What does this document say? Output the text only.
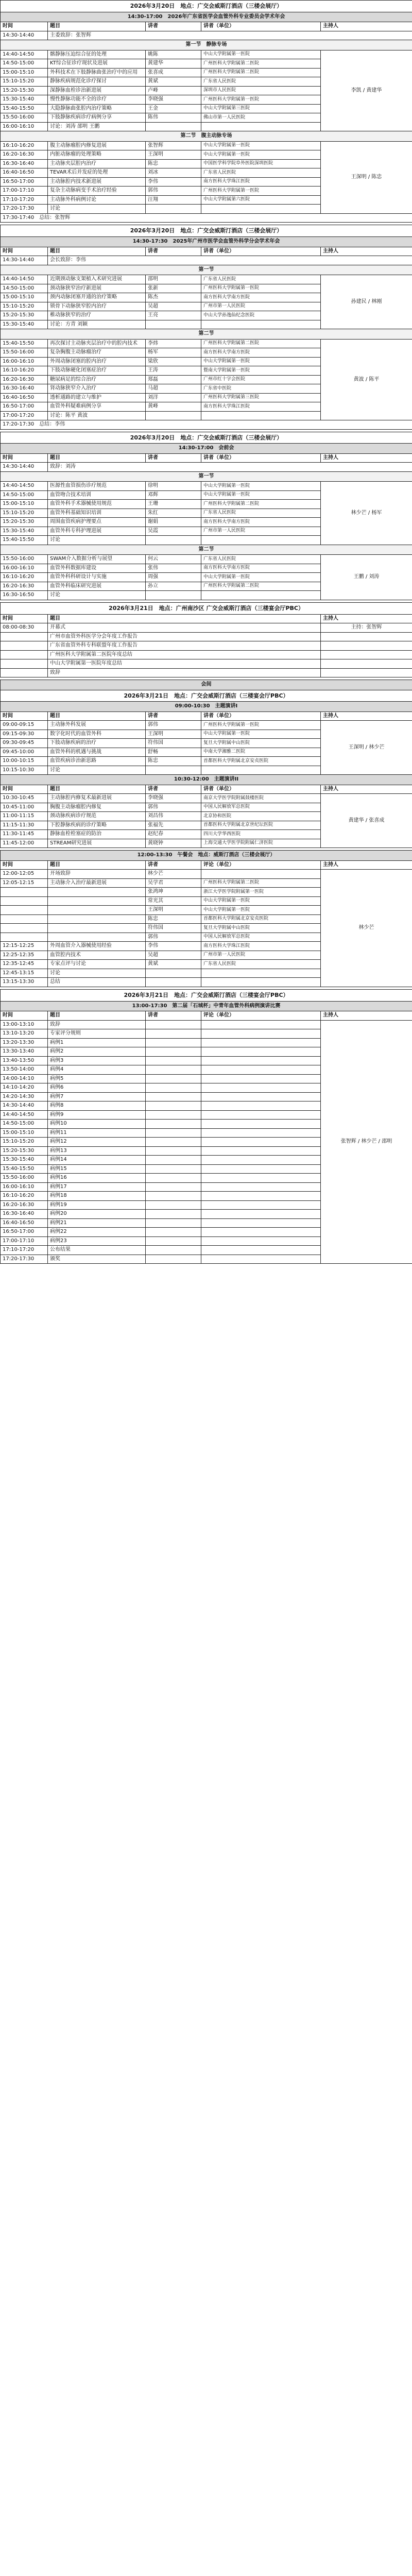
2026年3月20日　地点：广交会威斯汀酒店（三楼会展厅）				
14:30-17:00　2026年广东省医学会血管外科专业委员会学术年会				
时间	题目	讲者	讲者（单位）	主持人
14:30-14:40	主委致辞：张智辉			
第一节　静脉专场				
14:40-14:50	髂静脉压迫综合征的处理	姚陈	中山大学附属第一医院	李凯 / 黄建华
14:50-15:00	KT综合征诊疗现状及进展	黄建华	广州医科大学附属第二医院	
15:00-15:10	外科技术在下肢静脉曲张治疗中的应用	张喜成	广州医科大学附属第二医院	
15:10-15:20	静脉疾病规范化诊疗探讨	黄斌	广东省人民医院	
15:20-15:30	深静脉血栓诊治新进展	卢峰	深圳市人民医院	
15:30-15:40	慢性静脉功能不全的诊疗	李晓强	广州医科大学附属第一医院	
15:40-15:50	大隐静脉曲张腔内治疗策略	王金	中山大学附属第三医院	
15:50-16:00	下肢静脉疾病诊疗病例分享	陈伟	佛山市第一人民医院	
16:00-16:10	讨论：刘涛 邵明 王鹏			
第二节　腹主动脉专场				
16:10-16:20	腹主动脉瘤腔内修复进展	张智辉	中山大学附属第一医院	王深明 / 陈忠
16:20-16:30	内脏动脉瘤的处理策略	王深明	中山大学附属第一医院	
16:30-16:40	主动脉夹层腔内治疗	陈忠	中国医学科学院阜外医院深圳医院	
16:40-16:50	TEVAR术后并发症的处理	刘冰	广东省人民医院	
16:50-17:00	主动脉腔内技术新进展	李伟	南方医科大学珠江医院	
17:00-17:10	复杂主动脉病变手术治疗经验	郭伟	广州医科大学附属第一医院	
17:10-17:20	主动脉外科病例讨论	汪翔	中山大学附属第六医院	
17:20-17:30	讨论			
17:30-17:40　总结：张智辉				
2026年3月20日　地点：广交会威斯汀酒店（三楼会展厅）				
14:30-17:30　2025年广州市医学会血管外科学分会学术年会				
时间	题目	讲者	讲者（单位）	主持人
14:30-14:40	会长致辞：李伟			
第一节				
14:40-14:50	近期颈动脉支架植入术研究进展	邵明	广东省人民医院	孙建民 / 林刚
14:50-15:00	颈动脉狭窄治疗新进展	张新	广州医科大学附属第一医院	
15:00-15:10	颈内动脉闭塞开通的治疗策略	陈杰	南方医科大学南方医院	
15:10-15:20	锁骨下动脉狭窄腔内治疗	吴超	广州市第一人民医院	
15:20-15:30	椎动脉狭窄的治疗	王亮	中山大学孙逸仙纪念医院	
15:30-15:40	讨论：方青 刘颖			
第二节				
15:40-15:50	再次探讨主动脉夹层治疗中的腔内技术	李炜	广州医科大学附属第二医院	黄波 / 陈平
15:50-16:00	复杂胸腹主动脉瘤治疗	杨军	南方医科大学南方医院	
16:00-16:10	外周动脉闭塞的腔内治疗	梁欣	中山大学附属第一医院	
16:10-16:20	下肢动脉硬化闭塞症治疗	王涛	暨南大学附属第一医院	
16:20-16:30	糖尿病足的综合治疗	郑磊	广州市红十字会医院	
16:30-16:40	肾动脉狭窄介入治疗	马超	广东省中医院	
16:40-16:50	透析通路的建立与维护	刘洋	广州医科大学附属第三医院	
16:50-17:00	血管外科疑难病例分享	黄峰	南方医科大学珠江医院	
17:00-17:20	讨论：陈平 黄波			
17:20-17:30　总结：李伟				
2026年3月20日　地点：广交会威斯汀酒店（三楼会展厅）				
14:30-17:00　会前会				
时间	题目	讲者	讲者（单位）	主持人
14:30-14:40	致辞：刘涛			
第一节				
14:40-14:50	医源性血管损伤诊疗规范	徐明	中山大学附属第一医院	林少芒 / 杨军
14:50-15:00	血管吻合技术培训	邓辉	中山大学附属第一医院	
15:00-15:10	血管外科手术器械使用规范	王珊	广州医科大学附属第二医院	
15:10-15:20	血管外科基础知识培训	朱红	广东省人民医院	
15:20-15:30	周围血管疾病护理要点	谢娟	南方医科大学南方医院	
15:30-15:40	血管外科专科护理进展	吴霞	广州市第一人民医院	
15:40-15:50	讨论			
第二节				
15:50-16:00	SWAM介入数据分析与展望	何云	广东省人民医院	王鹏 / 刘涛
16:00-16:10	血管外科数据库建设	张伟	南方医科大学南方医院	
16:10-16:20	血管外科科研设计与实施	周强	中山大学附属第一医院	
16:20-16:30	血管外科临床研究进展	孙立	广州医科大学附属第二医院	
16:30-16:50	讨论			
2026年3月21日　地点：广州南沙区 广交会威斯汀酒店（三楼宴会厅PBC）		
时间	题目	主持人
08:00-08:30	开幕式	主持：张智辉
	广州市血管外科医学分会年度工作报告	
	广东省血管外科专科联盟年度工作报告	
	广州医科大学附属第二医院年度总结	
	中山大学附属第一医院年度总结	
	致辞	
会间				
2026年3月21日　地点：广交会威斯汀酒店（三楼宴会厅PBC）				
09:00-10:30　主题演讲I				
时间	题目	讲者	讲者（单位）	主持人
09:00-09:15	主动脉外科发展	郭伟	广州医科大学附属第一医院	王深明 / 林少芒
09:15-09:30	数字化时代的血管外科	王深明	中山大学附属第一医院	
09:30-09:45	下肢动脉疾病的治疗	符伟国	复旦大学附属中山医院	
09:45-10:00	血管外科的机遇与挑战	舒畅	中南大学湘雅二医院	
10:00-10:15	血管疾病诊治新思路	陈忠	首都医科大学附属北京安贞医院	
10:15-10:30	讨论			
10:30-12:00　主题演讲II				
时间	题目	讲者	讲者（单位）	主持人
10:30-10:45	主动脉腔内修复术最新进展	李晓强	南京大学医学院附属鼓楼医院	黄建华 / 张喜成
10:45-11:00	胸腹主动脉瘤腔内修复	郭伟	中国人民解放军总医院	
11:00-11:15	颈动脉疾病诊疗规范	刘昌伟	北京协和医院	
11:15-11:30	下腔静脉疾病的诊疗策略	张福先	首都医科大学附属北京世纪坛医院	
11:30-11:45	静脉血栓栓塞症的防治	赵纪春	四川大学华西医院	
11:45-12:00	STREAM研究进展	黄晓钟	上海交通大学医学院附属仁济医院	
12:00-13:30　午餐会　地点：威斯汀酒店（三楼会展厅）				
时间	题目	讲者	评论（单位）	主持人
12:00-12:05	开场致辞	林少芒		林少芒
12:05-12:15	主动脉介入治疗最新进展	吴学君	广州医科大学附属第二医院	
		张鸿坤	浙江大学医学院附属第一医院	
		常光其	中山大学附属第一医院	
		王深明	中山大学附属第一医院	
		陈忠	首都医科大学附属北京安贞医院	
		符伟国	复旦大学附属中山医院	
		郭伟	中国人民解放军总医院	
12:15-12:25	外周血管介入器械使用经验	李伟	南方医科大学珠江医院	
12:25-12:35	血管腔内技术	吴超	广州市第一人民医院	
12:35-12:45	专家点评与讨论	黄斌	广东省人民医院	
12:45-13:15	讨论			
13:15-13:30	总结			
2026年3月21日　地点：广交会威斯汀酒店（三楼宴会厅PBC）				
13:00-17:30　第二届「石城杯」中青年血管外科病例演讲比赛				
时间	题目	讲者	评论（单位）	主持人
13:00-13:10	致辞			张智辉 / 林少芒 / 邵明
13:10-13:20	专家评分规则			
13:20-13:30	病例1			
13:30-13:40	病例2			
13:40-13:50	病例3			
13:50-14:00	病例4			
14:00-14:10	病例5			
14:10-14:20	病例6			
14:20-14:30	病例7			
14:30-14:40	病例8			
14:40-14:50	病例9			
14:50-15:00	病例10			
15:00-15:10	病例11			
15:10-15:20	病例12			
15:20-15:30	病例13			
15:30-15:40	病例14			
15:40-15:50	病例15			
15:50-16:00	病例16			
16:00-16:10	病例17			
16:10-16:20	病例18			
16:20-16:30	病例19			
16:30-16:40	病例20			
16:40-16:50	病例21			
16:50-17:00	病例22			
17:00-17:10	病例23			
17:10-17:20	公布结果			
17:20-17:30	颁奖			
